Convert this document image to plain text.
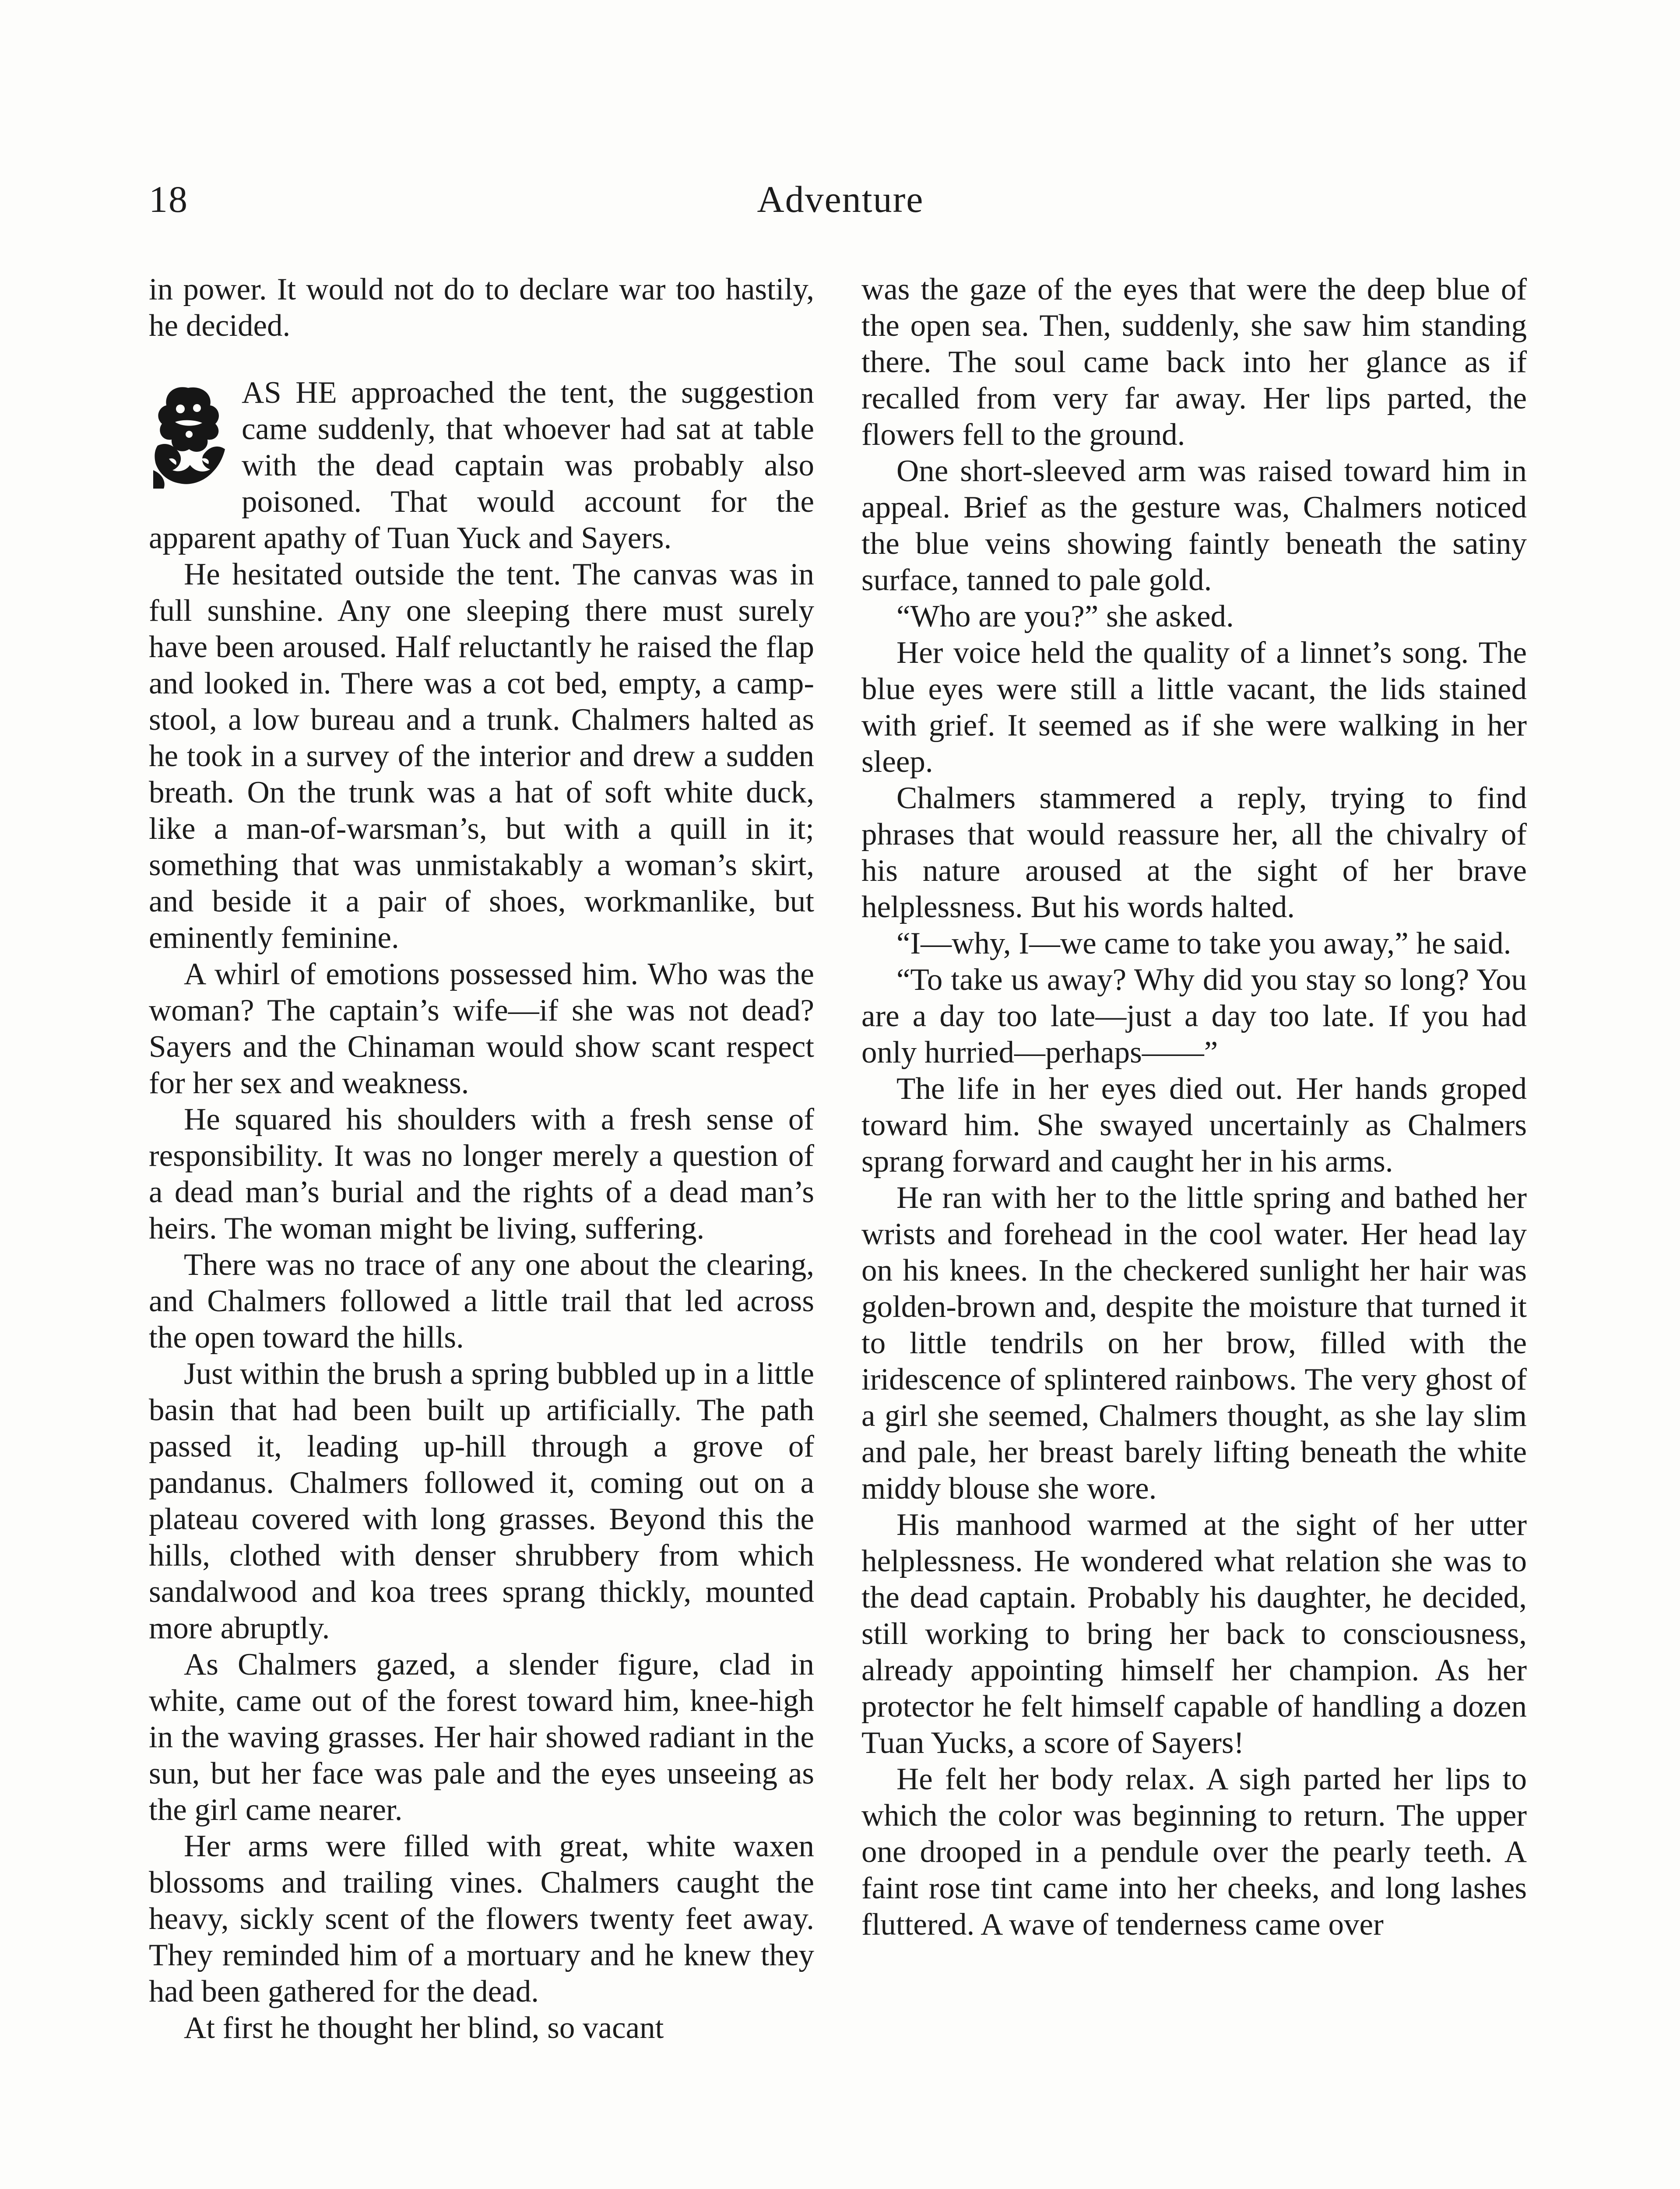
18	Adventure

in power. It would not do to declare war too hastily, he decided.

AS HE approached the tent, the suggestion came suddenly, that whoever had sat at table with the dead captain was probably also poisoned. That would account for the apparent apathy of Tuan Yuck and Sayers.

He hesitated outside the tent. The canvas was in full sunshine. Any one sleeping there must surely have been aroused. Half reluctantly he raised the flap and looked in. There was a cot bed, empty, a camp-stool, a low bureau and a trunk. Chalmers halted as he took in a survey of the interior and drew a sudden breath. On the trunk was a hat of soft white duck, like a man-of-warsman’s, but with a quill in it; something that was unmistakably a woman’s skirt, and beside it a pair of shoes, workmanlike, but eminently feminine.

A whirl of emotions possessed him. Who was the woman? The captain’s wife—if she was not dead? Sayers and the Chinaman would show scant respect for her sex and weakness.

He squared his shoulders with a fresh sense of responsibility. It was no longer merely a question of a dead man’s burial and the rights of a dead man’s heirs. The woman might be living, suffering.

There was no trace of any one about the clearing, and Chalmers followed a little trail that led across the open toward the hills.

Just within the brush a spring bubbled up in a little basin that had been built up artificially. The path passed it, leading up-hill through a grove of pandanus. Chalmers followed it, coming out on a plateau covered with long grasses. Beyond this the hills, clothed with denser shrubbery from which sandalwood and koa trees sprang thickly, mounted more abruptly.

As Chalmers gazed, a slender figure, clad in white, came out of the forest toward him, knee-high in the waving grasses. Her hair showed radiant in the sun, but her face was pale and the eyes unseeing as the girl came nearer.

Her arms were filled with great, white waxen blossoms and trailing vines. Chalmers caught the heavy, sickly scent of the flowers twenty feet away. They reminded him of a mortuary and he knew they had been gathered for the dead.

At first he thought her blind, so vacant

was the gaze of the eyes that were the deep blue of the open sea. Then, suddenly, she saw him standing there. The soul came back into her glance as if recalled from very far away. Her lips parted, the flowers fell to the ground.

One short-sleeved arm was raised toward him in appeal. Brief as the gesture was, Chalmers noticed the blue veins showing faintly beneath the satiny surface, tanned to pale gold.

“Who are you?” she asked.

Her voice held the quality of a linnet’s song. The blue eyes were still a little vacant, the lids stained with grief. It seemed as if she were walking in her sleep.

Chalmers stammered a reply, trying to find phrases that would reassure her, all the chivalry of his nature aroused at the sight of her brave helplessness. But his words halted.

“I—why, I—we came to take you away,” he said.

“To take us away? Why did you stay so long? You are a day too late—just a day too late. If you had only hurried—perhaps——”

The life in her eyes died out. Her hands groped toward him. She swayed uncertainly as Chalmers sprang forward and caught her in his arms.

He ran with her to the little spring and bathed her wrists and forehead in the cool water. Her head lay on his knees. In the checkered sunlight her hair was golden-brown and, despite the moisture that turned it to little tendrils on her brow, filled with the iridescence of splintered rainbows. The very ghost of a girl she seemed, Chalmers thought, as she lay slim and pale, her breast barely lifting beneath the white middy blouse she wore.

His manhood warmed at the sight of her utter helplessness. He wondered what relation she was to the dead captain. Probably his daughter, he decided, still working to bring her back to consciousness, already appointing himself her champion. As her protector he felt himself capable of handling a dozen Tuan Yucks, a score of Sayers!

He felt her body relax. A sigh parted her lips to which the color was beginning to return. The upper one drooped in a pendule over the pearly teeth. A faint rose tint came into her cheeks, and long lashes fluttered. A wave of tenderness came over
